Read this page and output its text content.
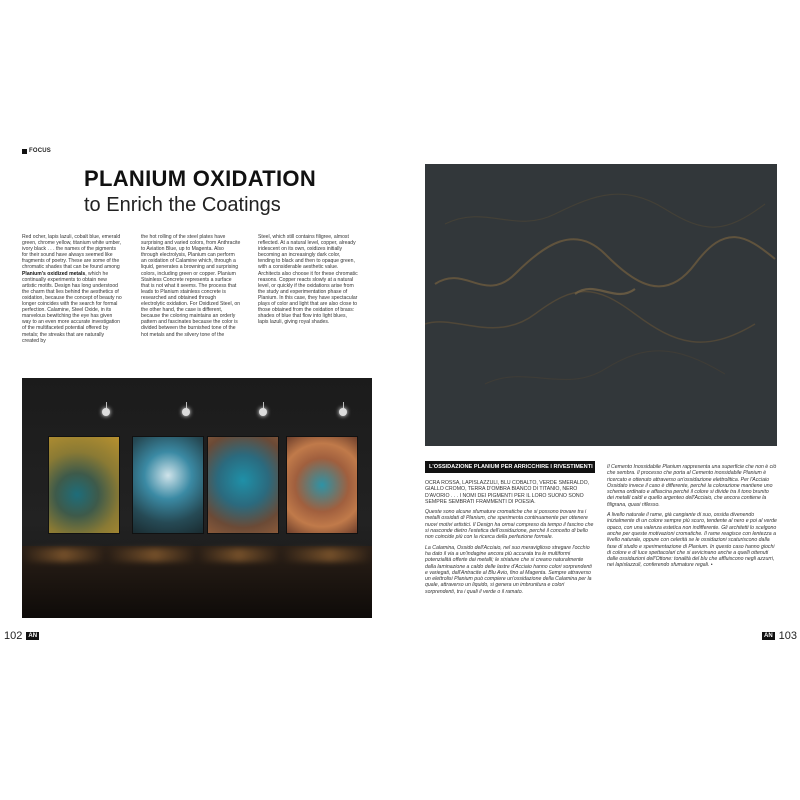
FOCUS
PLANIUM OXIDATION
to Enrich the Coatings

Red ocher, lapis lazuli, cobalt blue, emerald green, chrome yellow, titanium white umber, ivory black . . . the names of the pigments for their sound have always seemed like fragments of poetry. These are some of the chromatic shades that can be found among Planium's oxidized metals, which he continually experiments to obtain new artistic motifs. Design has long understood the charm that lies behind the aesthetics of oxidation, because the concept of beauty no longer coincides with the search for formal perfection. Calamine, Steel Oxide, in its marvelous bewitching the eye has given way to an even more accurate investigation of the multifaceted potential offered by metals; the streaks that are naturally created by

the hot rolling of the steel plates have surprising and varied colors, from Anthracite to Aviation Blue, up to Magenta. Also through electrolysis, Planium can perform an oxidation of Calamine which, through a liquid, generates a browning and surprising colors, including green or copper. Planium Stainless Concrete represents a surface that is not what it seems. The process that leads to Planium stainless concrete is researched and obtained through electrolytic oxidation. For Oxidized Steel, on the other hand, the case is different, because the coloring maintains an orderly pattern and fascinates because the color is divided between the burnished tone of the hot metals and the silvery tone of the

Steel, which still contains filigree, almost reflected. At a natural level, copper, already iridescent on its own, oxidizes initially becoming an increasingly dark color, tending to black and then to opaque green, with a considerable aesthetic value. Architects also choose it for these chromatic reasons. Copper reacts slowly at a natural level, or quickly if the oxidations arise from the study and experimentation phase of Planium. In this case, they have spectacular plays of color and light that are also close to those obtained from the oxidation of brass: shades of blue that flow into light blues, lapis lazuli, giving royal shades.

102	AN
L'OSSIDAZIONE PLANIUM PER ARRICCHIRE I RIVESTIMENTI

OCRA ROSSA, LAPISLAZZULI, BLU COBALTO, VERDE SMERALDO, GIALLO CROMO, TERRA D'OMBRA BIANCO DI TITANIO, NERO D'AVORIO . . . I NOMI DEI PIGMENTI PER IL LORO SUONO SONO SEMPRE SEMBRATI FRAMMENTI DI POESIA.

Queste sono alcune sfumature cromatiche che si possono trovare tra i metalli ossidati di Planium, che sperimenta continuamente per ottenere nuovi motivi artistici. Il Design ha ormai compreso da tempo il fascino che si nasconde dietro l'estetica dell'ossidazione, perché il concetto di bello non coincide più con la ricerca della perfezione formale.

La Calamina, Ossido dell'Acciaio, nel suo meraviglioso stregare l'occhio ha dato il via a un'indagine ancora più accurata tra le multiformi potenzialità offerte dai metalli; le striature che si creano naturalmente dalla laminazione a caldo delle lastre d'Acciaio hanno colori sorprendenti e variegati, dall'Antracite al Blu Avio, fino al Magenta. Sempre attraverso un elettrolisi Planium può compiere un'ossidazione della Calamina per la quale, attraverso un liquido, si genera un imbrunitura e colori sorprendenti, tra i quali il verde o il ramato.

Il Cemento Inossidabile Planium rappresenta una superficie che non è ciò che sembra. Il processo che porta al Cemento inossidabile Planium è ricercato e ottenuto attraverso un'ossidazione elettrolitica. Per l'Acciaio Ossidato invece il caso è differente, perché la colorazione mantiene uno schema ordinato e affascina perché il colore si divide tra il tono brunito dei metalli caldi e quello argenteo dell'Acciaio, che ancora contiene la filigrana, quasi riflesso.

A livello naturale il rame, già cangiante di suo, ossida divenendo inizialmente di un colore sempre più scuro, tendente al nero e poi al verde opaco, con una valenza estetica non indifferente. Gli architetti lo scelgono anche per queste motivazioni cromatiche. Il rame reagisce con lentezza a livello naturale, oppure con celerità se le ossidazioni scaturiscono dalla fase di studio e sperimentazione di Planium. In questo caso hanno giochi di colore e di luce spettacolari che si avvicinano anche a quelli ottenuti dalle ossidazioni dell'Ottone: tonalità del blu che affluiscono negli azzurri, nei lapislazzuli, conferendo sfumature regali. •

AN 103
